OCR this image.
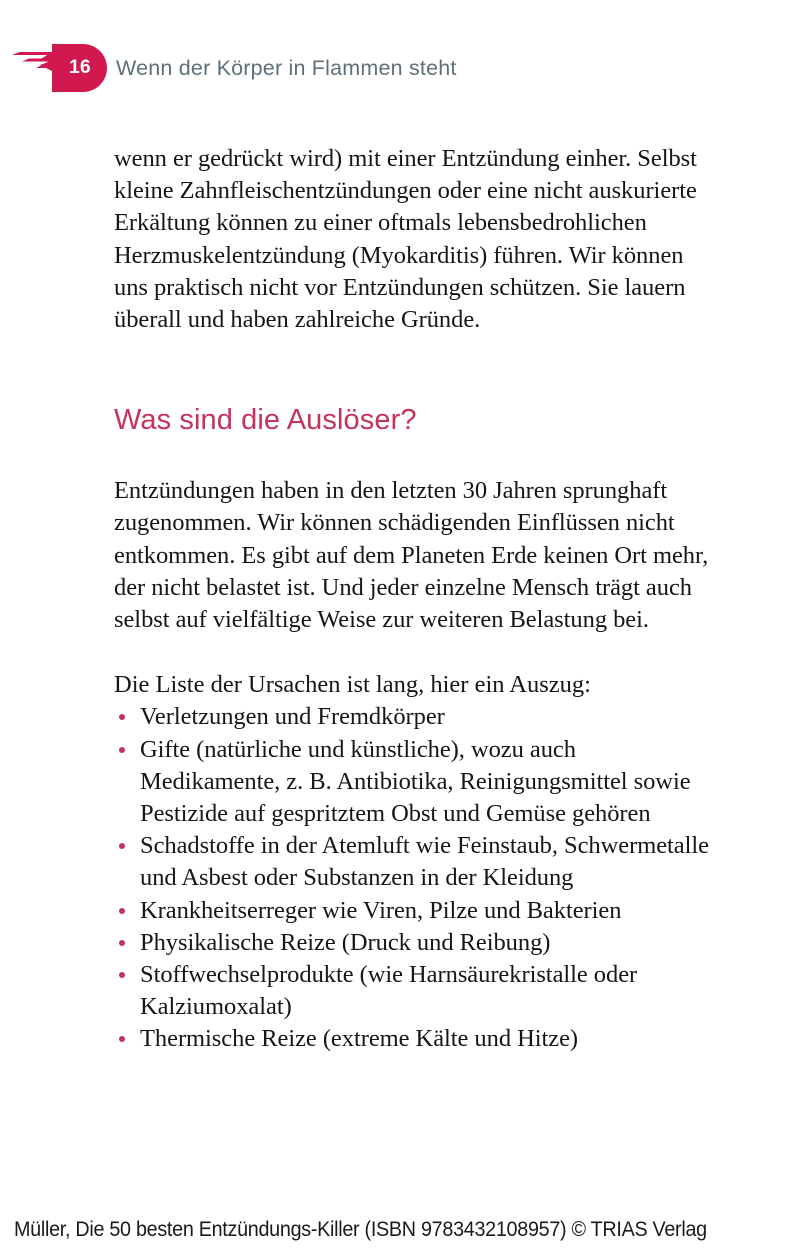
16	Wenn der Körper in Flammen steht

wenn er gedrückt wird) mit einer Entzündung einher. Selbst kleine Zahnfleischentzündungen oder eine nicht auskurierte Erkältung können zu einer oftmals lebensbedrohlichen Herzmuskelentzündung (Myokarditis) führen. Wir können uns praktisch nicht vor Entzündungen schützen. Sie lauern überall und haben zahlreiche Gründe.

Was sind die Auslöser?

Entzündungen haben in den letzten 30 Jahren sprunghaft zugenommen. Wir können schädigenden Einflüssen nicht entkommen. Es gibt auf dem Planeten Erde keinen Ort mehr, der nicht belastet ist. Und jeder einzelne Mensch trägt auch selbst auf vielfältige Weise zur weiteren Belastung bei.

Die Liste der Ursachen ist lang, hier ein Auszug:

Verletzungen und Fremdkörper
Gifte (natürliche und künstliche), wozu auch Medikamente, z. B. Antibiotika, Reinigungsmittel sowie Pestizide auf gespritztem Obst und Gemüse gehören
Schadstoffe in der Atemluft wie Feinstaub, Schwermetalle und Asbest oder Substanzen in der Kleidung
Krankheitserreger wie Viren, Pilze und Bakterien
Physikalische Reize (Druck und Reibung)
Stoffwechselprodukte (wie Harnsäurekristalle oder Kalziumoxalat)
Thermische Reize (extreme Kälte und Hitze)
Müller, Die 50 besten Entzündungs-Killer (ISBN 9783432108957) © TRIAS Verlag
